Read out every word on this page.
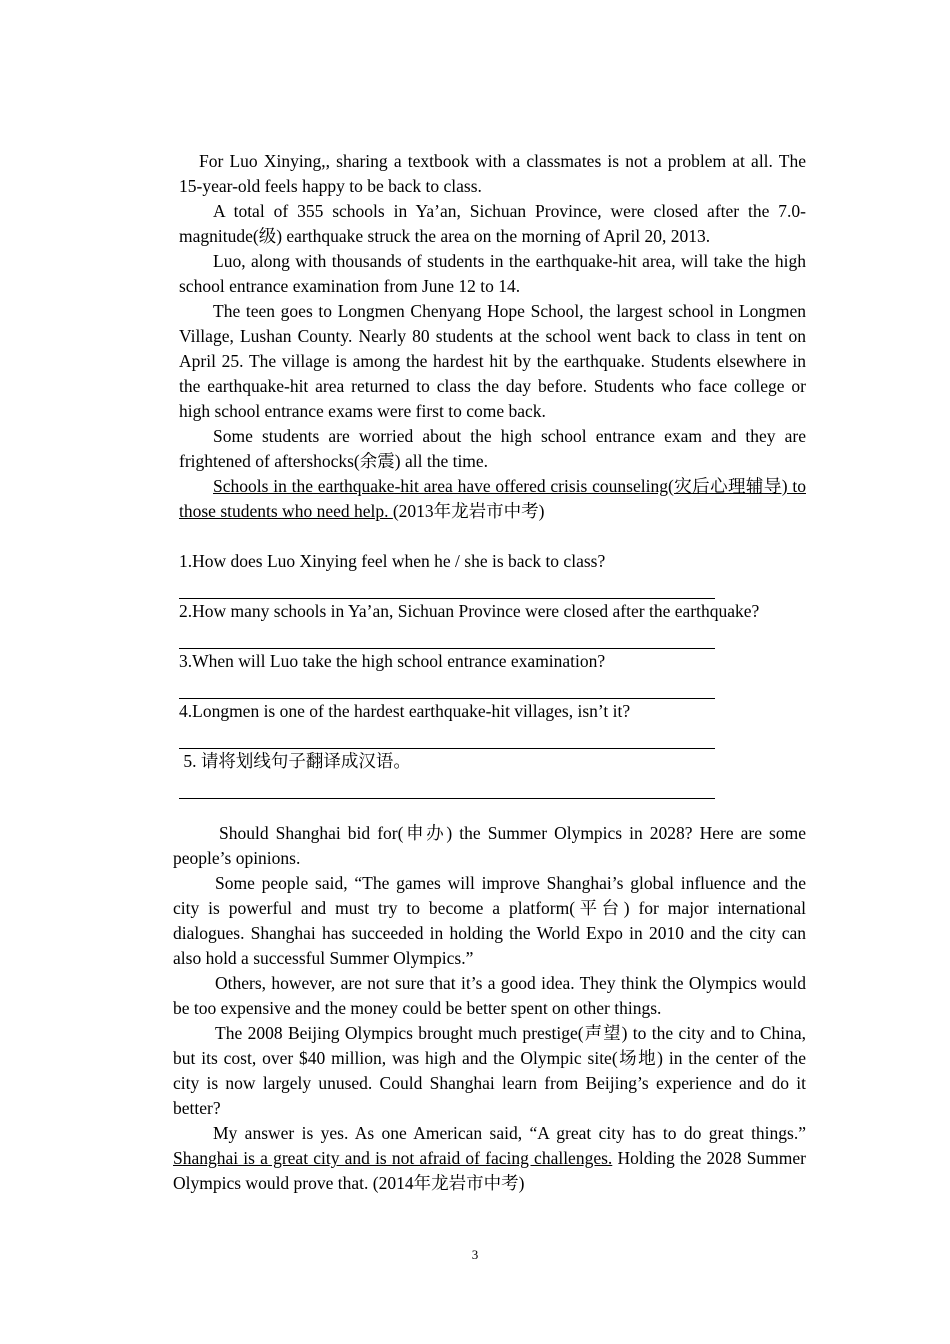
For Luo Xinying,, sharing a textbook with a classmates is not a problem at all. The 15-year-old feels happy to be back to class.

A total of 355 schools in Ya’an, Sichuan Province, were closed after the 7.0-magnitude(级) earthquake struck the area on the morning of April 20, 2013.

Luo, along with thousands of students in the earthquake-hit area, will take the high school entrance examination from June 12 to 14.

The teen goes to Longmen Chenyang Hope School, the largest school in Longmen Village, Lushan County. Nearly 80 students at the school went back to class in tent on April 25. The village is among the hardest hit by the earthquake. Students elsewhere in the earthquake-hit area returned to class the day before. Students who face college or high school entrance exams were first to come back.

Some students are worried about the high school entrance exam and they are frightened of aftershocks(余震) all the time.

Schools in the earthquake-hit area have offered crisis counseling(灾后心理辅导) to those students who need help. (2013年龙岩市中考)

1.How does Luo Xinying feel when he / she is back to class?

2.How many schools in Ya’an, Sichuan Province were closed after the earthquake?

3.When will Luo take the high school entrance examination?

4.Longmen is one of the hardest earthquake-hit villages, isn’t it?

5. 请将划线句子翻译成汉语。

Should Shanghai bid for(申办) the Summer Olympics in 2028? Here are some people’s opinions.

Some people said, “The games will improve Shanghai’s global influence and the city is powerful and must try to become a platform(平台) for major international dialogues. Shanghai has succeeded in holding the World Expo in 2010 and the city can also hold a successful Summer Olympics.”

Others, however, are not sure that it’s a good idea. They think the Olympics would be too expensive and the money could be better spent on other things.

The 2008 Beijing Olympics brought much prestige(声望) to the city and to China, but its cost, over $40 million, was high and the Olympic site(场地) in the center of the city is now largely unused. Could Shanghai learn from Beijing’s experience and do it better?

My answer is yes. As one American said, “A great city has to do great things.” Shanghai is a great city and is not afraid of facing challenges. Holding the 2028 Summer Olympics would prove that. (2014年龙岩市中考)

3
